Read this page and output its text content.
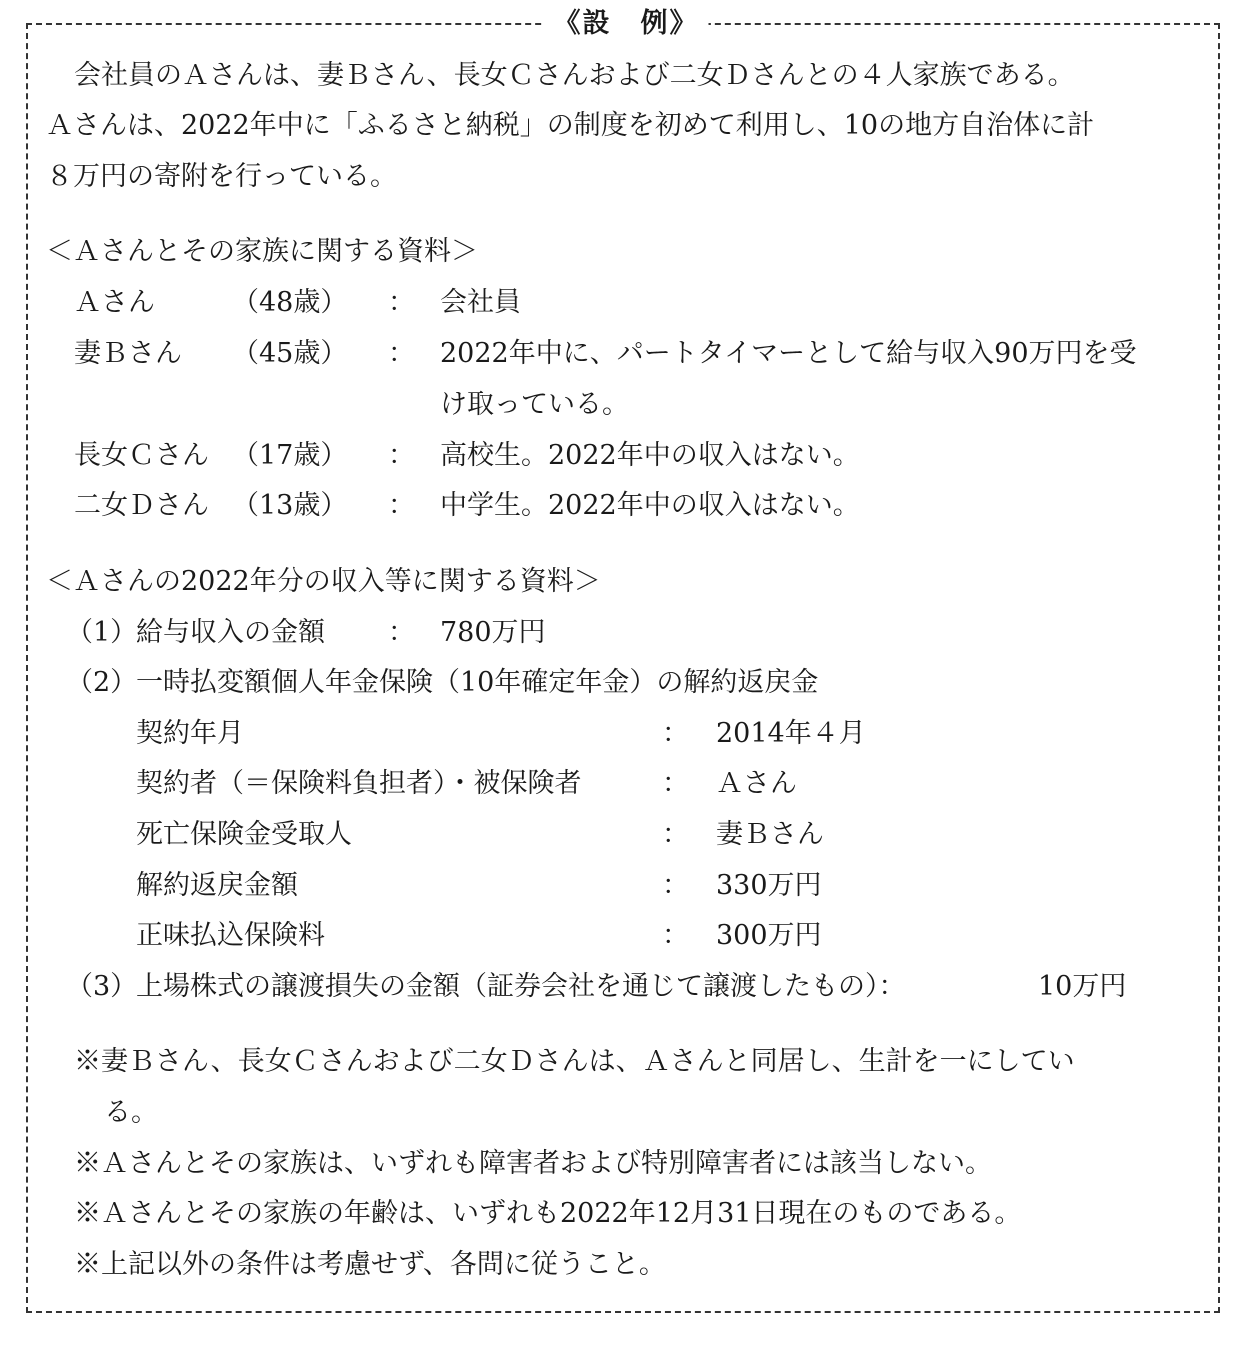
《設　例》
会社員のＡさんは、妻Ｂさん、長女Ｃさんおよび二女Ｄさんとの４人家族である。
Ａさんは、2022年中に「ふるさと納税」の制度を初めて利用し、10の地方自治体に計
８万円の寄附を行っている。
＜Ａさんとその家族に関する資料＞
Ａさん	（48歳） ： 会社員
妻Ｂさん （45歳） ： 2022年中に、パートタイマーとして給与収入90万円を受
け取っている。
長女Ｃさん （17歳） ： 高校生。2022年中の収入はない。
二女Ｄさん （13歳） ： 中学生。2022年中の収入はない。
＜Ａさんの2022年分の収入等に関する資料＞
（1）
給与収入の金額 ： 780万円
（2）
一時払変額個人年金保険（10年確定年金）の解約返戻金
契約年月	： 2014年４月
契約者（＝保険料負担者）・被保険者	： Ａさん
死亡保険金受取人	： 妻Ｂさん
解約返戻金額	： 330万円
正味払込保険料	： 300万円
（3）
上場株式の譲渡損失の金額（証券会社を通じて譲渡したもの）：	10万円
※妻Ｂさん、長女Ｃさんおよび二女Ｄさんは、Ａさんと同居し、生計を一にしてい
る。
※Ａさんとその家族は、いずれも障害者および特別障害者には該当しない。
※Ａさんとその家族の年齢は、いずれも2022年12月31日現在のものである。
※上記以外の条件は考慮せず、各問に従うこと。
